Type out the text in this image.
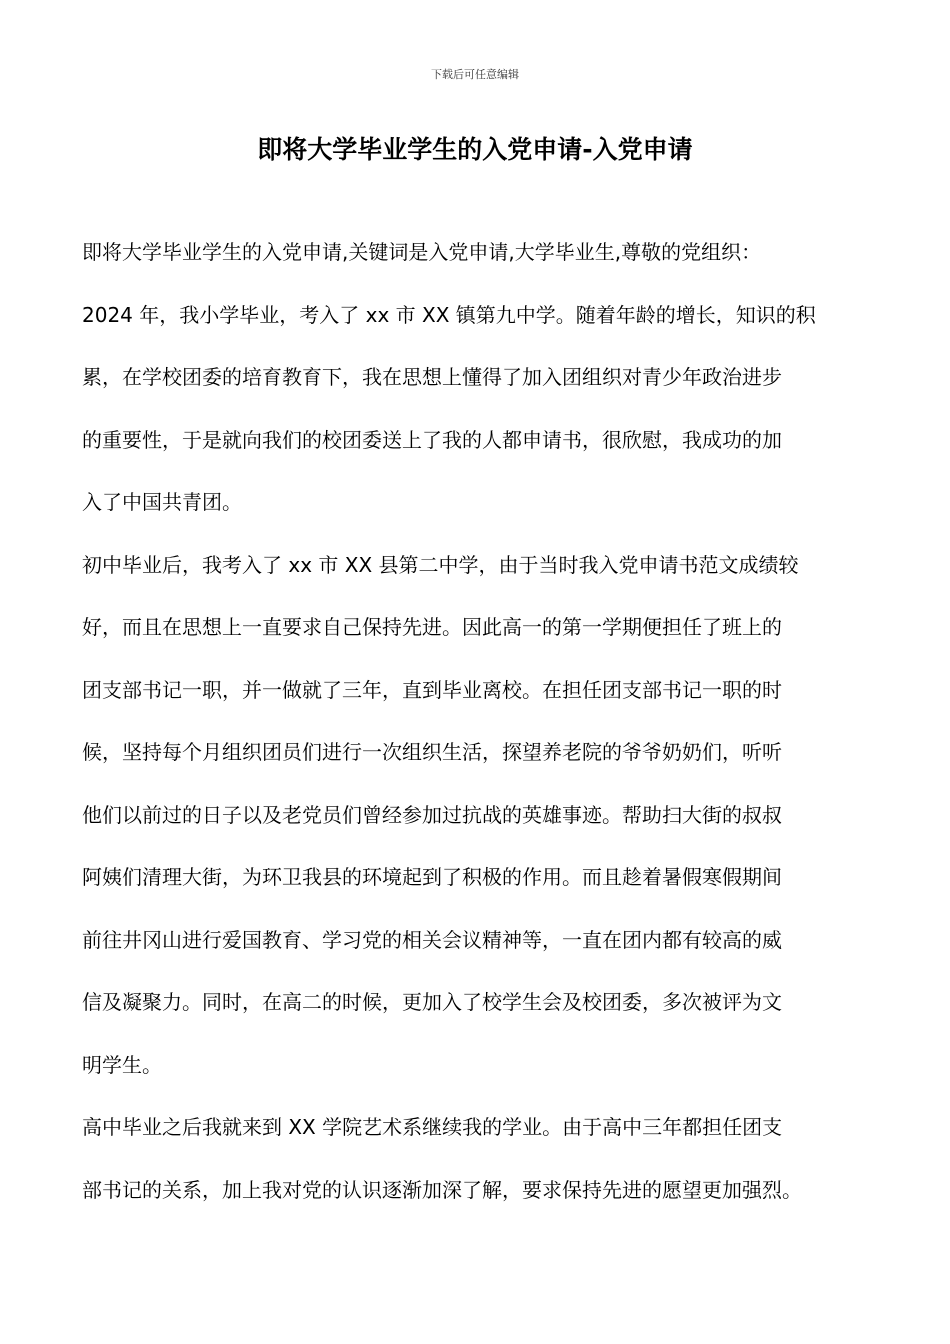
下载后可任意编辑
即将大学毕业学生的入党申请-入党申请

即将大学毕业学生的入党申请,关键词是入党申请,大学毕业生,尊敬的党组织：

2024 年，我小学毕业，考入了 xx 市 XX 镇第九中学。随着年龄的增长，知识的积

累，在学校团委的培育教育下，我在思想上懂得了加入团组织对青少年政治进步

的重要性，于是就向我们的校团委送上了我的人都申请书，很欣慰，我成功的加

入了中国共青团。

初中毕业后，我考入了 xx 市 XX 县第二中学，由于当时我入党申请书范文成绩较

好，而且在思想上一直要求自己保持先进。因此高一的第一学期便担任了班上的

团支部书记一职，并一做就了三年，直到毕业离校。在担任团支部书记一职的时

候，坚持每个月组织团员们进行一次组织生活，探望养老院的爷爷奶奶们，听听

他们以前过的日子以及老党员们曾经参加过抗战的英雄事迹。帮助扫大街的叔叔

阿姨们清理大街，为环卫我县的环境起到了积极的作用。而且趁着暑假寒假期间

前往井冈山进行爱国教育、学习党的相关会议精神等，一直在团内都有较高的威

信及凝聚力。同时，在高二的时候，更加入了校学生会及校团委，多次被评为文

明学生。

高中毕业之后我就来到 XX 学院艺术系继续我的学业。由于高中三年都担任团支

部书记的关系，加上我对党的认识逐渐加深了解，要求保持先进的愿望更加强烈。
